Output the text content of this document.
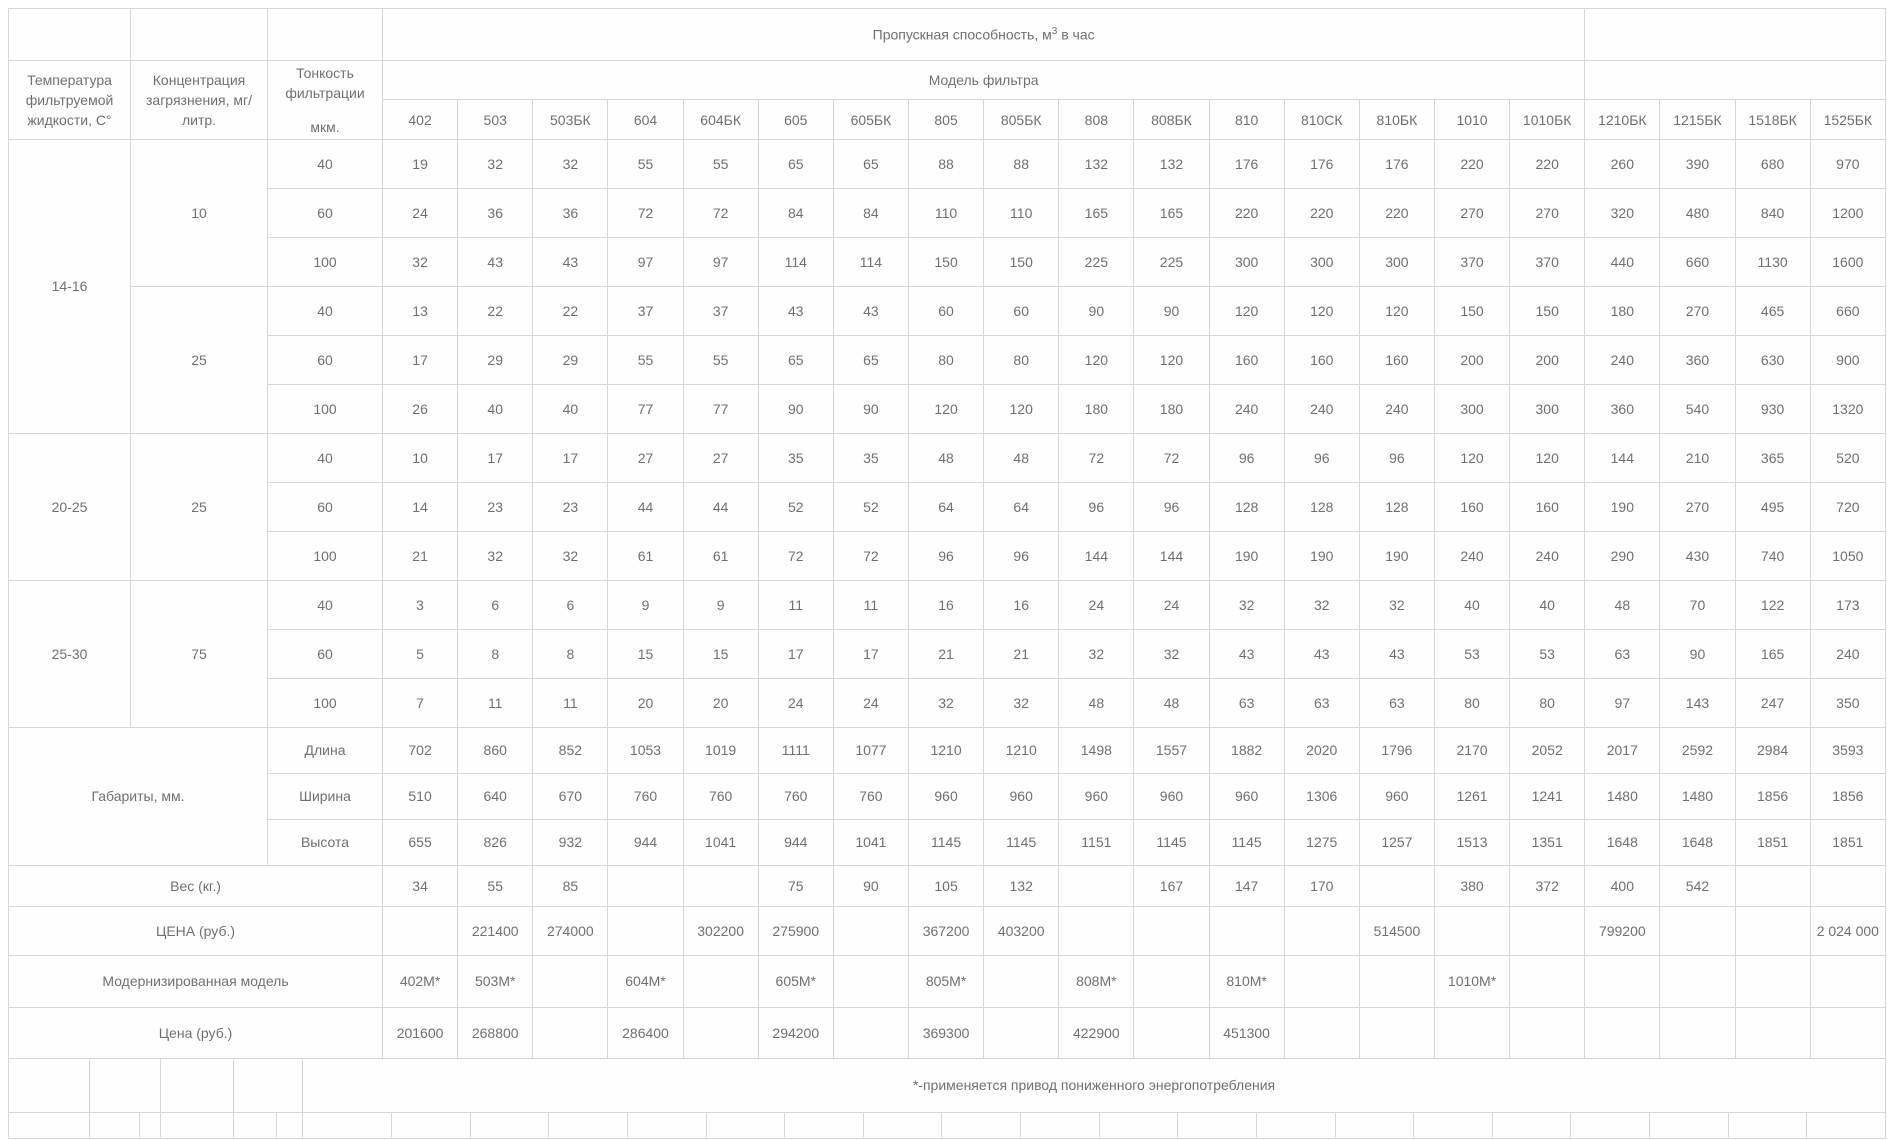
			Пропускная способность, $м^3$ в час																			
Температура фильтруемой жидкости, С°	Концентрация загрязнения, мг/ литр.	Тонкость фильтрации
мкм.	Модель фильтра																			
			402	503	503БК	604	604БК	605	605БК	805	805БК	808	808БК	810	810СК	810БК	1010	1010БК	1210БК	1215БК	1518БК	1525БК
14-16	10	40	19	32	32	55	55	65	65	88	88	132	132	176	176	176	220	220	260	390	680	970
		60	24	36	36	72	72	84	84	110	110	165	165	220	220	220	270	270	320	480	840	1200
		100	32	43	43	97	97	114	114	150	150	225	225	300	300	300	370	370	440	660	1130	1600
	25	40	13	22	22	37	37	43	43	60	60	90	90	120	120	120	150	150	180	270	465	660
		60	17	29	29	55	55	65	65	80	80	120	120	160	160	160	200	200	240	360	630	900
		100	26	40	40	77	77	90	90	120	120	180	180	240	240	240	300	300	360	540	930	1320
20-25	25	40	10	17	17	27	27	35	35	48	48	72	72	96	96	96	120	120	144	210	365	520
		60	14	23	23	44	44	52	52	64	64	96	96	128	128	128	160	160	190	270	495	720
		100	21	32	32	61	61	72	72	96	96	144	144	190	190	190	240	240	290	430	740	1050
25-30	75	40	3	6	6	9	9	11	11	16	16	24	24	32	32	32	40	40	48	70	122	173
		60	5	8	8	15	15	17	17	21	21	32	32	43	43	43	53	53	63	90	165	240
		100	7	11	11	20	20	24	24	32	32	48	48	63	63	63	80	80	97	143	247	350
Габариты, мм.		Длина	702	860	852	1053	1019	1111	1077	1210	1210	1498	1557	1882	2020	1796	2170	2052	2017	2592	2984	3593
		Ширина	510	640	670	760	760	760	760	960	960	960	960	960	1306	960	1261	1241	1480	1480	1856	1856
		Высота	655	826	932	944	1041	944	1041	1145	1145	1151	1145	1145	1275	1257	1513	1351	1648	1648	1851	1851
Вес (кг.)			34	55	85			75	90	105	132		167	147	170		380	372	400	542		
ЦЕНА (руб.)				221400	274000		302200	275900		367200	403200					514500			799200			2 024 000
Модернизированная модель			402М*	503М*		604М*		605М*		805М*		808М*		810М*			1010М*					
Цена (руб.)			201600	268800		286400		294200		369300		422900		451300								
						*-применяется привод пониженного энергопотребления																			
